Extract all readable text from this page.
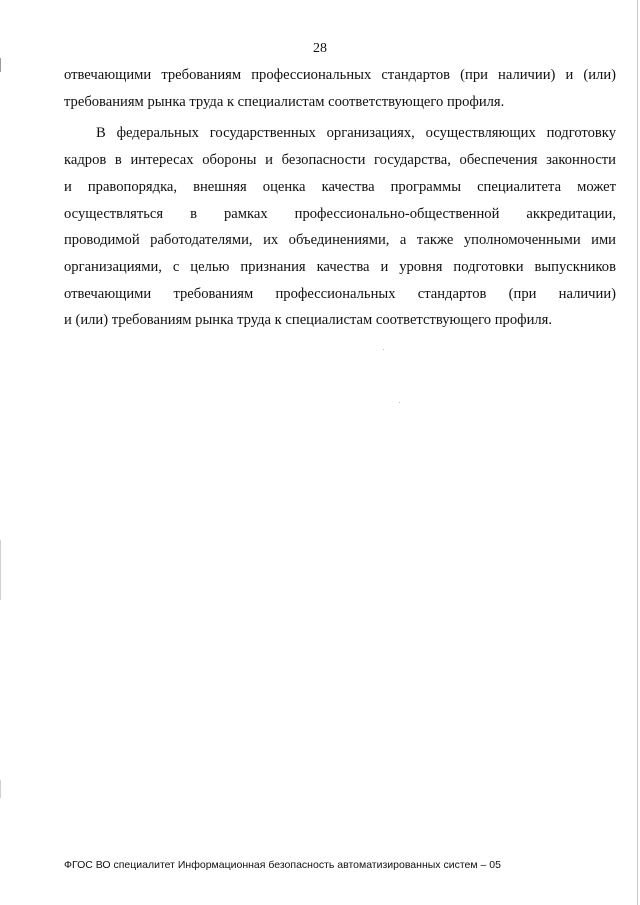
28

отвечающими требованиям профессиональных стандартов (при наличии) и (или)
требованиям рынка труда к специалистам соответствующего профиля.

В федеральных государственных организациях, осуществляющих подготовку
кадров в интересах обороны и безопасности государства, обеспечения законности
и правопорядка, внешняя оценка качества программы специалитета может
осуществляться в рамках профессионально-общественной аккредитации,
проводимой работодателями, их объединениями, а также уполномоченными ими
организациями, с целью признания качества и уровня подготовки выпускников
отвечающими требованиям профессиональных стандартов (при наличии)
и (или) требованиям рынка труда к специалистам соответствующего профиля.

ФГОС ВО специалитет Информационная безопасность автоматизированных систем – 05
